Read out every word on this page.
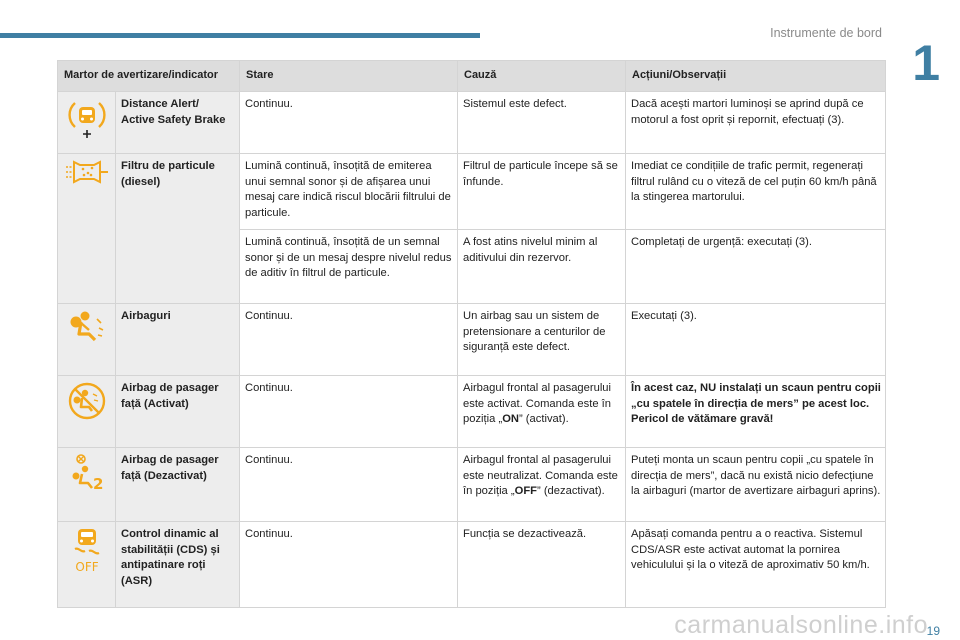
Instrumente de bord
1
Martor de avertizare/indicator		Stare	Cauză	Acțiuni/Observații
	Distance Alert/ Active Safety Brake	Continuu.	Sistemul este defect.	Dacă acești martori luminoși se aprind după ce motorul a fost oprit și repornit, efectuați (3).
	Filtru de particule (diesel)	Lumină continuă, însoțită de emiterea unui semnal sonor și de afișarea unui mesaj care indică riscul blocării filtrului de particule.	Filtrul de particule începe să se înfunde.	Imediat ce condițiile de trafic permit, regenerați filtrul rulând cu o viteză de cel puțin 60 km/h până la stingerea martorului.
		Lumină continuă, însoțită de un semnal sonor și de un mesaj despre nivelul redus de aditiv în filtrul de particule.	A fost atins nivelul minim al aditivului din rezervor.	Completați de urgență: executați (3).
	Airbaguri	Continuu.	Un airbag sau un sistem de pretensionare a centurilor de siguranță este defect.	Executați (3).
	Airbag de pasager față (Activat)	Continuu.	Airbagul frontal al pasagerului este activat. Comanda este în poziția „ON” (activat).	În acest caz, NU instalați un scaun pentru copii „cu spatele în direcția de mers” pe acest loc. Pericol de vătămare gravă!

2	Airbag de pasager față (Dezactivat)	Continuu.	Airbagul frontal al pasagerului este neutralizat. Comanda este în poziția „OFF” (dezactivat).	Puteți monta un scaun pentru copii „cu spatele în direcția de mers”, dacă nu există nicio defecțiune la airbaguri (martor de avertizare airbaguri aprins).

OFF	Control dinamic al stabilității (CDS) și antipatinare roți (ASR)	Continuu.	Funcția se dezactivează.	Apăsați comanda pentru a o reactiva. Sistemul CDS/ASR este activat automat la pornirea vehiculului și la o viteză de aproximativ 50 km/h.
carmanualsonline.info
19
